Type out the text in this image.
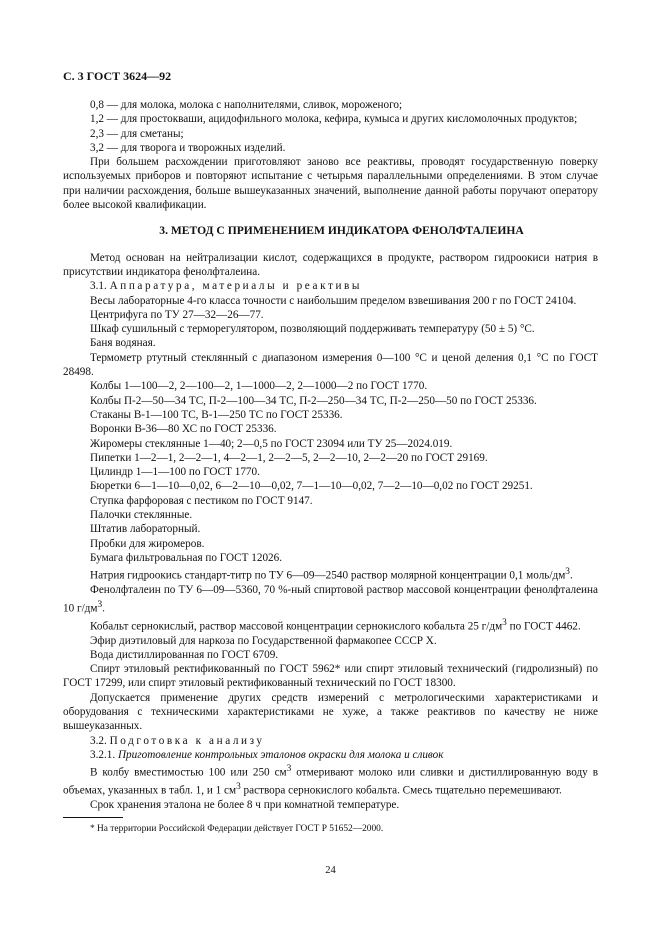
С. 3 ГОСТ 3624—92

0,8 — для молока, молока с наполнителями, сливок, мороженого;

1,2 — для простокваши, ацидофильного молока, кефира, кумыса и других кисломолочных продуктов;

2,3 — для сметаны;

3,2 — для творога и творожных изделий.

При большем расхождении приготовляют заново все реактивы, проводят государственную поверку используемых приборов и повторяют испытание с четырьмя параллельными определениями. В этом случае при наличии расхождения, больше вышеуказанных значений, выполнение данной работы поручают оператору более высокой квалификации.

3. МЕТОД С ПРИМЕНЕНИЕМ ИНДИКАТОРА ФЕНОЛФТАЛЕИНА

Метод основан на нейтрализации кислот, содержащихся в продукте, раствором гидроокиси натрия в присутствии индикатора фенолфталеина.

3.1. Аппаратура, материалы и реактивы

Весы лабораторные 4-го класса точности с наибольшим пределом взвешивания 200 г по ГОСТ 24104.

Центрифуга по ТУ 27—32—26—77.

Шкаф сушильный с терморегулятором, позволяющий поддерживать температуру (50 ± 5) °С.

Баня водяная.

Термометр ртутный стеклянный с диапазоном измерения 0—100 °С и ценой деления 0,1 °С по ГОСТ 28498.

Колбы 1—100—2, 2—100—2, 1—1000—2, 2—1000—2 по ГОСТ 1770.

Колбы П-2—50—34 ТС, П-2—100—34 ТС, П-2—250—34 ТС, П-2—250—50 по ГОСТ 25336.

Стаканы В-1—100 ТС, В-1—250 ТС по ГОСТ 25336.

Воронки В-36—80 ХС по ГОСТ 25336.

Жиромеры стеклянные 1—40; 2—0,5 по ГОСТ 23094 или ТУ 25—2024.019.

Пипетки 1—2—1, 2—2—1, 4—2—1, 2—2—5, 2—2—10, 2—2—20 по ГОСТ 29169.

Цилиндр 1—1—100 по ГОСТ 1770.

Бюретки 6—1—10—0,02, 6—2—10—0,02, 7—1—10—0,02, 7—2—10—0,02 по ГОСТ 29251.

Ступка фарфоровая с пестиком по ГОСТ 9147.

Палочки стеклянные.

Штатив лабораторный.

Пробки для жиромеров.

Бумага фильтровальная по ГОСТ 12026.

Натрия гидроокись стандарт-титр по ТУ 6—09—2540 раствор молярной концентрации 0,1 моль/$дм^3$.

Фенолфталеин по ТУ 6—09—5360, 70 %-ный спиртовой раствор массовой концентрации фенолфталеина 10 $г/дм^3$.

Кобальт сернокислый, раствор массовой концентрации сернокислого кобальта 25 $г/дм^3$ по ГОСТ 4462.

Эфир диэтиловый для наркоза по Государственной фармакопее СССР X.

Вода дистиллированная по ГОСТ 6709.

Спирт этиловый ректификованный по ГОСТ 5962* или спирт этиловый технический (гидролизный) по ГОСТ 17299, или спирт этиловый ректификованный технический по ГОСТ 18300.

Допускается применение других средств измерений с метрологическими характеристиками и оборудования с техническими характеристиками не хуже, а также реактивов по качеству не ниже вышеуказанных.

3.2. Подготовка к анализу

3.2.1. Приготовление контрольных эталонов окраски для молока и сливок

В колбу вместимостью 100 или 250 $см^3$ отмеривают молоко или сливки и дистиллированную воду в объемах, указанных в табл. 1, и 1 $см^3$ раствора сернокислого кобальта. Смесь тщательно перемешивают.

Срок хранения эталона не более 8 ч при комнатной температуре.

* На территории Российской Федерации действует ГОСТ Р 51652—2000.
24
